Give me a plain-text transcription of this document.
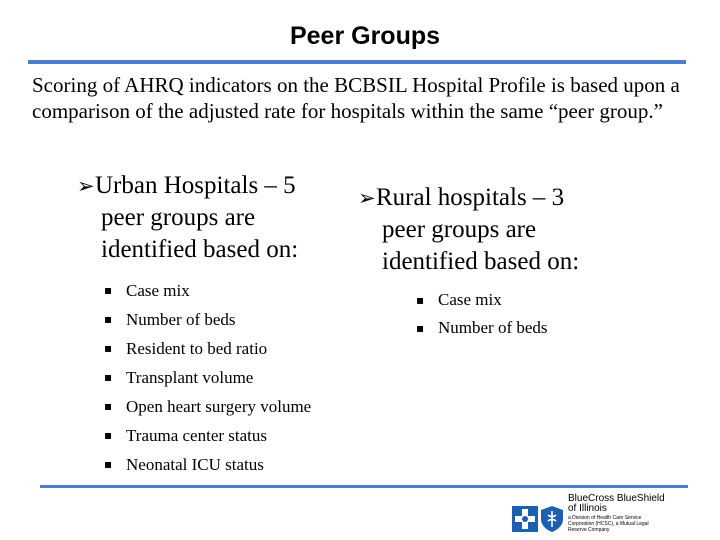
Peer Groups
Scoring of AHRQ indicators on the BCBSIL Hospital Profile is based upon a comparison of the adjusted rate for hospitals within the same “peer group.”
➢ Urban Hospitals – 5
peer groups are
identified based on:
▪ Case mix
▪ Number of beds
▪ Resident to bed ratio
▪ Transplant volume
▪ Open heart surgery volume
▪ Trauma center status
▪ Neonatal ICU status
➢ Rural hospitals – 3
peer groups are
identified based on:
▪ Case mix
▪ Number of beds
BlueCross BlueShield
of Illinois
a Division of Health Care Service Corporation (HCSC), a Mutual Legal Reserve Company
